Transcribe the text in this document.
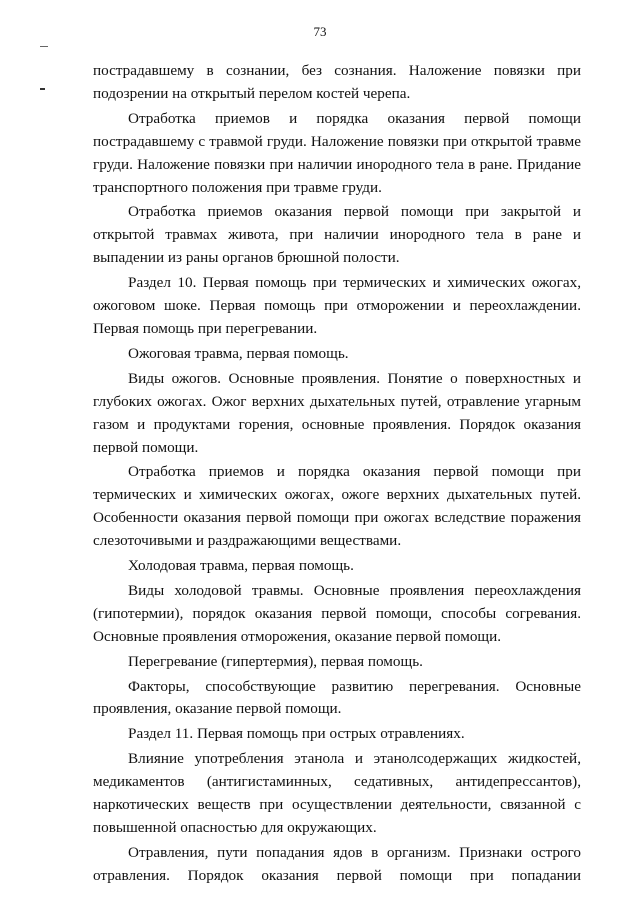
73

пострадавшему в сознании, без сознания. Наложение повязки при подозрении на открытый перелом костей черепа.

Отработка приемов и порядка оказания первой помощи пострадавшему с травмой груди. Наложение повязки при открытой травме груди. Наложение повязки при наличии инородного тела в ране. Придание транспортного положения при травме груди.

Отработка приемов оказания первой помощи при закрытой и открытой травмах живота, при наличии инородного тела в ране и выпадении из раны органов брюшной полости.

Раздел 10. Первая помощь при термических и химических ожогах, ожоговом шоке. Первая помощь при отморожении и переохлаждении. Первая помощь при перегревании.

Ожоговая травма, первая помощь.

Виды ожогов. Основные проявления. Понятие о поверхностных и глубоких ожогах. Ожог верхних дыхательных путей, отравление угарным газом и продуктами горения, основные проявления. Порядок оказания первой помощи.

Отработка приемов и порядка оказания первой помощи при термических и химических ожогах, ожоге верхних дыхательных путей. Особенности оказания первой помощи при ожогах вследствие поражения слезоточивыми и раздражающими веществами.

Холодовая травма, первая помощь.

Виды холодовой травмы. Основные проявления переохлаждения (гипотермии), порядок оказания первой помощи, способы согревания. Основные проявления отморожения, оказание первой помощи.

Перегревание (гипертермия), первая помощь.

Факторы, способствующие развитию перегревания. Основные проявления, оказание первой помощи.

Раздел 11. Первая помощь при острых отравлениях.

Влияние употребления этанола и этанолсодержащих жидкостей, медикаментов (антигистаминных, седативных, антидепрессантов), наркотических веществ при осуществлении деятельности, связанной с повышенной опасностью для окружающих.

Отравления, пути попадания ядов в организм. Признаки острого отравления. Порядок оказания первой помощи при попадании
